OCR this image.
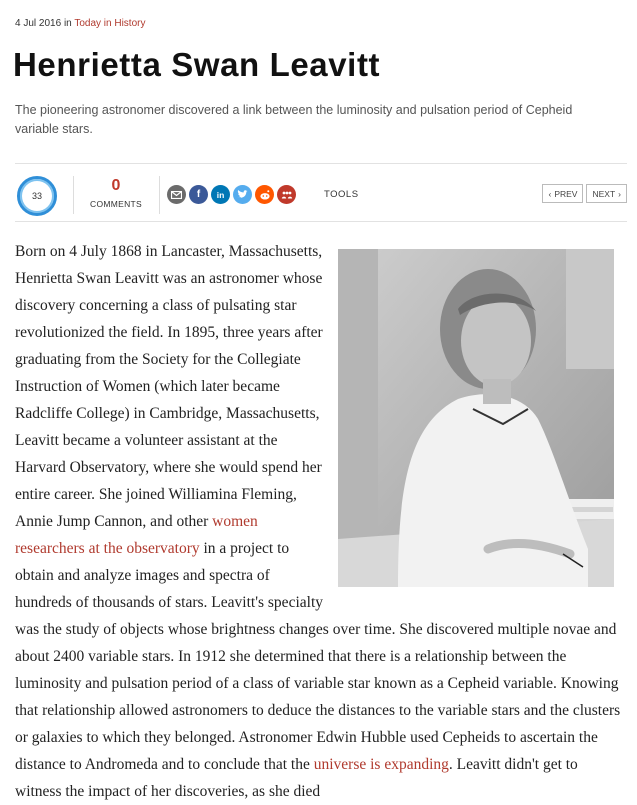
4 Jul 2016 in Today in History
Henrietta Swan Leavitt
The pioneering astronomer discovered a link between the luminosity and pulsation period of Cepheid variable stars.
33
0
COMMENTS
f	in	TOOLS	‹ PREV NEXT ›

Born on 4 July 1868 in Lancaster, Massachusetts, Henrietta Swan Leavitt was an astronomer whose discovery concerning a class of pulsating star revolutionized the field. In 1895, three years after graduating from the Society for the Collegiate Instruction of Women (which later became Radcliffe College) in Cambridge, Massachusetts, Leavitt became a volunteer assistant at the Harvard Observatory, where she would spend her entire career. She joined Williamina Fleming, Annie Jump Cannon, and other women researchers at the observatory in a project to obtain and analyze images and spectra of hundreds of thousands of stars. Leavitt's specialty was the study of objects whose brightness changes over time. She discovered multiple novae and about 2400 variable stars. In 1912 she determined that there is a relationship between the luminosity and pulsation period of a class of variable star known as a Cepheid variable. Knowing that relationship allowed astronomers to deduce the distances to the variable stars and the clusters or galaxies to which they belonged. Astronomer Edwin Hubble used Cepheids to ascertain the distance to Andromeda and to conclude that the universe is expanding. Leavitt didn't get to witness the impact of her discoveries, as she died
